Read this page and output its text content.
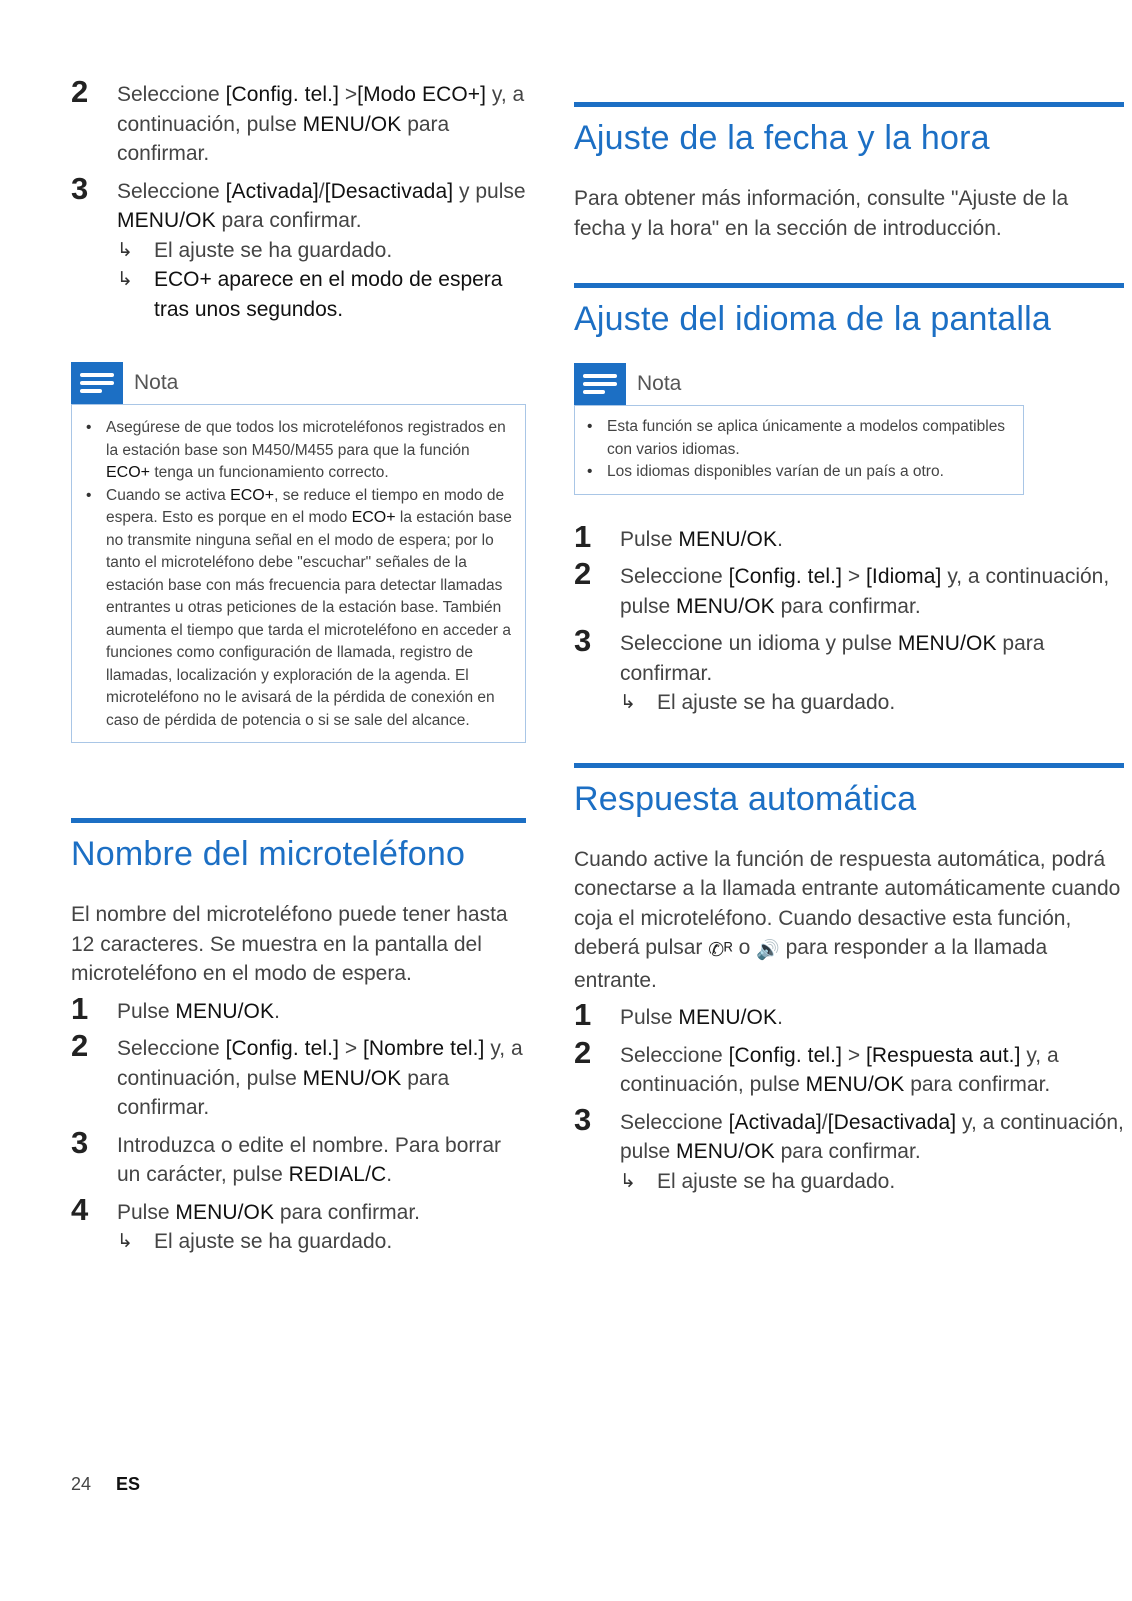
2 Seleccione [Config. tel.] >[Modo ECO+] y, a continuación, pulse MENU/OK para confirmar.
3 Seleccione [Activada]/[Desactivada] y pulse MENU/OK para confirmar.
↳ El ajuste se ha guardado.
↳ ECO+ aparece en el modo de espera tras unos segundos.
Nota
• Asegúrese de que todos los microteléfonos registrados en la estación base son M450/M455 para que la función ECO+ tenga un funcionamiento correcto.
• Cuando se activa ECO+, se reduce el tiempo en modo de espera. Esto es porque en el modo ECO+ la estación base no transmite ninguna señal en el modo de espera; por lo tanto el microteléfono debe "escuchar" señales de la estación base con más frecuencia para detectar llamadas entrantes u otras peticiones de la estación base. También aumenta el tiempo que tarda el microteléfono en acceder a funciones como configuración de llamada, registro de llamadas, localización y exploración de la agenda. El microteléfono no le avisará de la pérdida de conexión en caso de pérdida de potencia o si se sale del alcance.
Nombre del microteléfono

El nombre del microteléfono puede tener hasta 12 caracteres. Se muestra en la pantalla del microteléfono en el modo de espera.

1 Pulse MENU/OK.
2 Seleccione [Config. tel.] > [Nombre tel.] y, a continuación, pulse MENU/OK para confirmar.
3 Introduzca o edite el nombre. Para borrar un carácter, pulse REDIAL/C.
4 Pulse MENU/OK para confirmar.
↳ El ajuste se ha guardado.
Ajuste de la fecha y la hora

Para obtener más información, consulte "Ajuste de la fecha y la hora" en la sección de introducción.

Ajuste del idioma de la pantalla
Nota
• Esta función se aplica únicamente a modelos compatibles con varios idiomas.
• Los idiomas disponibles varían de un país a otro.
1 Pulse MENU/OK.
2 Seleccione [Config. tel.] > [Idioma] y, a continuación, pulse MENU/OK para confirmar.
3 Seleccione un idioma y pulse MENU/OK para confirmar.
↳ El ajuste se ha guardado.
Respuesta automática

Cuando active la función de respuesta automática, podrá conectarse a la llamada entrante automáticamente cuando coja el microteléfono. Cuando desactive esta función, deberá pulsar ✆ᴿ o 🔊 para responder a la llamada entrante.

1 Pulse MENU/OK.
2 Seleccione [Config. tel.] > [Respuesta aut.] y, a continuación, pulse MENU/OK para confirmar.
3 Seleccione [Activada]/[Desactivada] y, a continuación, pulse MENU/OK para confirmar.
↳ El ajuste se ha guardado.
24 ES
